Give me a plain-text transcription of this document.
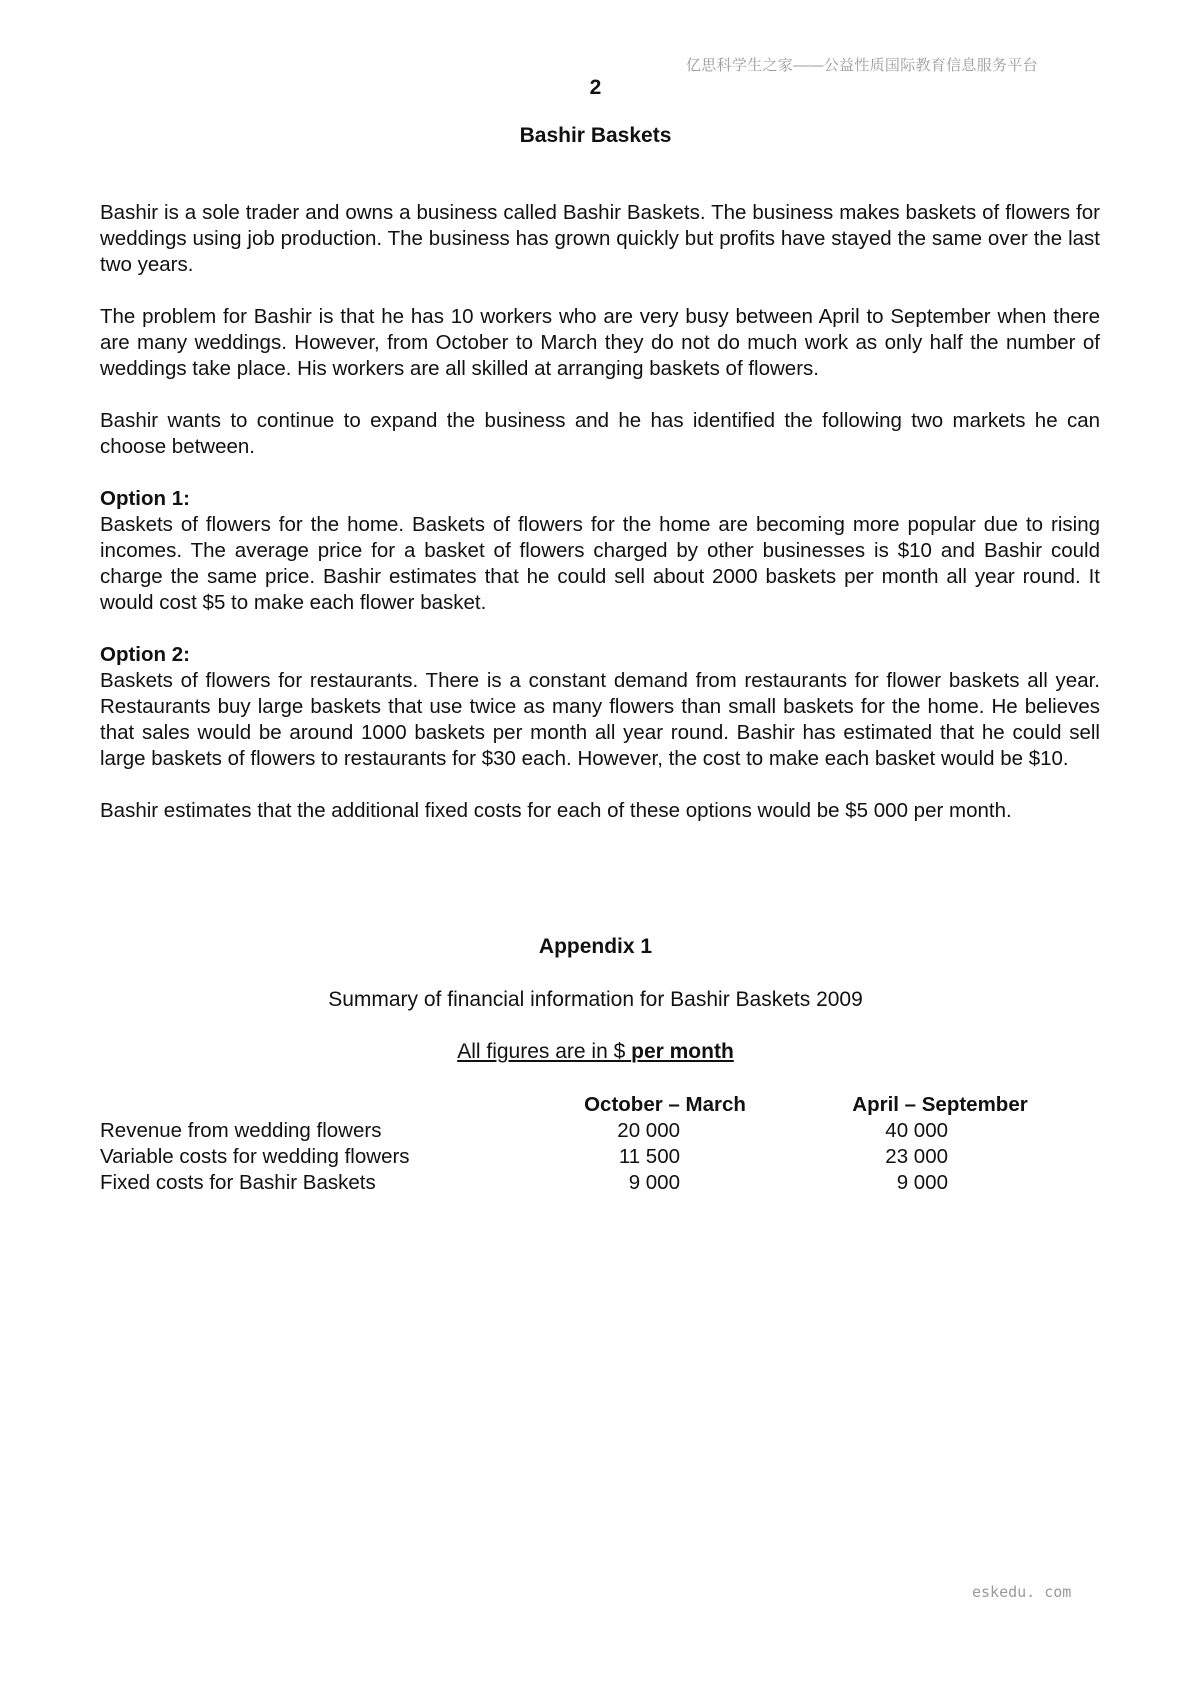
亿思科学生之家——公益性质国际教育信息服务平台
2
Bashir Baskets

Bashir is a sole trader and owns a business called Bashir Baskets. The business makes baskets of flowers for weddings using job production. The business has grown quickly but profits have stayed the same over the last two years.

The problem for Bashir is that he has 10 workers who are very busy between April to September when there are many weddings. However, from October to March they do not do much work as only half the number of weddings take place. His workers are all skilled at arranging baskets of flowers.

Bashir wants to continue to expand the business and he has identified the following two markets he can choose between.

Option 1:
Baskets of flowers for the home. Baskets of flowers for the home are becoming more popular due to rising incomes. The average price for a basket of flowers charged by other businesses is $10 and Bashir could charge the same price. Bashir estimates that he could sell about 2000 baskets per month all year round. It would cost $5 to make each flower basket.

Option 2:
Baskets of flowers for restaurants. There is a constant demand from restaurants for flower baskets all year. Restaurants buy large baskets that use twice as many flowers than small baskets for the home. He believes that sales would be around 1000 baskets per month all year round. Bashir has estimated that he could sell large baskets of flowers to restaurants for $30 each. However, the cost to make each basket would be $10.

Bashir estimates that the additional fixed costs for each of these options would be $5 000 per month.

Appendix 1
Summary of financial information for Bashir Baskets 2009
All figures are in $ per month
	October – March	April – September
Revenue from wedding flowers	20 000	40 000
Variable costs for wedding flowers	11 500	23 000
Fixed costs for Bashir Baskets	9 000	9 000
eskedu. com
